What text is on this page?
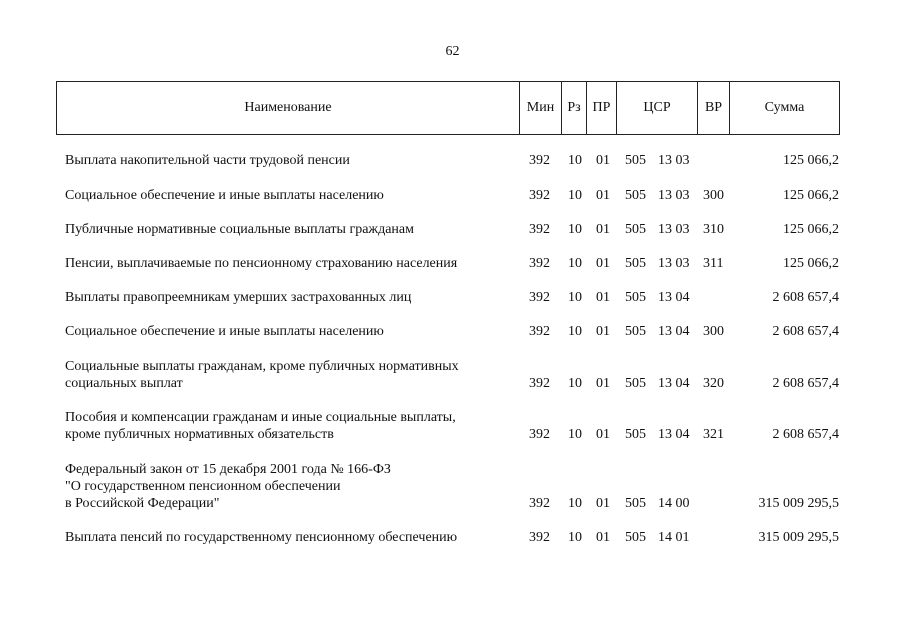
62
Наименование	Мин Рз ПР	ЦСР	ВР	Сумма
Выплата накопительной части трудовой пенсии	392 10 01 505 13 03	125 066,2
Социальное обеспечение и иные выплаты населению	392 10 01 505 13 03 300	125 066,2
Публичные нормативные социальные выплаты гражданам	392 10 01 505 13 03 310	125 066,2
Пенсии, выплачиваемые по пенсионному страхованию населения	392 10 01 505 13 03 311	125 066,2
Выплаты правопреемникам умерших застрахованных лиц	392 10 01 505 13 04	2 608 657,4
Социальное обеспечение и иные выплаты населению	392 10 01 505 13 04 300	2 608 657,4
Социальные выплаты гражданам, кроме публичных нормативных
социальных выплат	392 10 01 505 13 04 320	2 608 657,4
Пособия и компенсации гражданам и иные социальные выплаты,
кроме публичных нормативных обязательств	392 10 01 505 13 04 321	2 608 657,4
Федеральный закон от 15 декабря 2001 года № 166-ФЗ
"О государственном пенсионном обеспечении
в Российской Федерации"	392 10 01 505 14 00	315 009 295,5
Выплата пенсий по государственному пенсионному обеспечению	392 10 01 505 14 01	315 009 295,5
